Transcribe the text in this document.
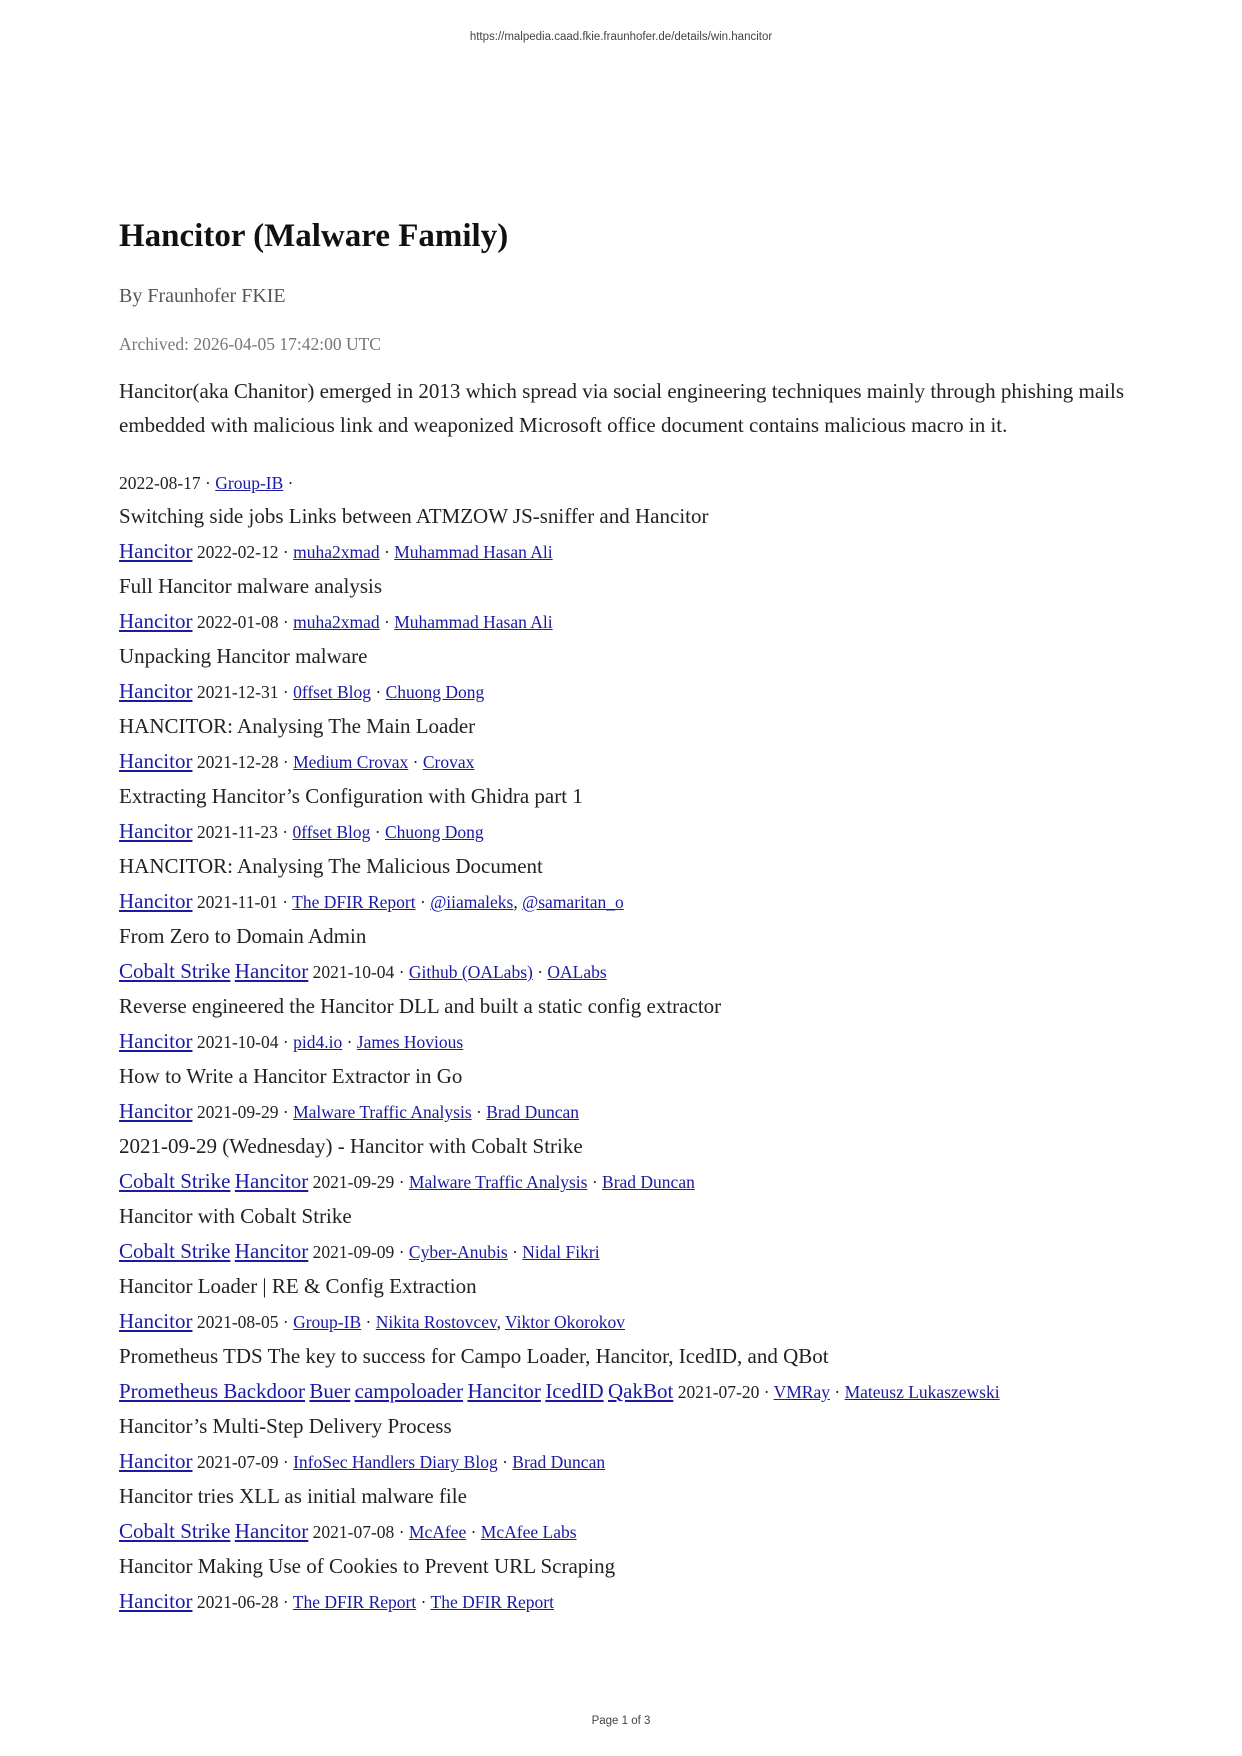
https://malpedia.caad.fkie.fraunhofer.de/details/win.hancitor
Hancitor (Malware Family)
By Fraunhofer FKIE
Archived: 2026-04-05 17:42:00 UTC
Hancitor(aka Chanitor) emerged in 2013 which spread via social engineering techniques mainly through phishing mails embedded with malicious link and weaponized Microsoft office document contains malicious macro in it.
2022-08-17 · Group-IB ·
Switching side jobs Links between ATMZOW JS-sniffer and Hancitor
Hancitor 2022-02-12 · muha2xmad · Muhammad Hasan Ali
Full Hancitor malware analysis
Hancitor 2022-01-08 · muha2xmad · Muhammad Hasan Ali
Unpacking Hancitor malware
Hancitor 2021-12-31 · 0ffset Blog · Chuong Dong
HANCITOR: Analysing The Main Loader
Hancitor 2021-12-28 · Medium Crovax · Crovax
Extracting Hancitor’s Configuration with Ghidra part 1
Hancitor 2021-11-23 · 0ffset Blog · Chuong Dong
HANCITOR: Analysing The Malicious Document
Hancitor 2021-11-01 · The DFIR Report · @iiamaleks, @samaritan_o
From Zero to Domain Admin
Cobalt Strike Hancitor 2021-10-04 · Github (OALabs) · OALabs
Reverse engineered the Hancitor DLL and built a static config extractor
Hancitor 2021-10-04 · pid4.io · James Hovious
How to Write a Hancitor Extractor in Go
Hancitor 2021-09-29 · Malware Traffic Analysis · Brad Duncan
2021-09-29 (Wednesday) - Hancitor with Cobalt Strike
Cobalt Strike Hancitor 2021-09-29 · Malware Traffic Analysis · Brad Duncan
Hancitor with Cobalt Strike
Cobalt Strike Hancitor 2021-09-09 · Cyber-Anubis · Nidal Fikri
Hancitor Loader | RE & Config Extraction
Hancitor 2021-08-05 · Group-IB · Nikita Rostovcev, Viktor Okorokov
Prometheus TDS The key to success for Campo Loader, Hancitor, IcedID, and QBot
Prometheus Backdoor Buer campoloader Hancitor IcedID QakBot 2021-07-20 · VMRay · Mateusz Lukaszewski
Hancitor’s Multi-Step Delivery Process
Hancitor 2021-07-09 · InfoSec Handlers Diary Blog · Brad Duncan
Hancitor tries XLL as initial malware file
Cobalt Strike Hancitor 2021-07-08 · McAfee · McAfee Labs
Hancitor Making Use of Cookies to Prevent URL Scraping
Hancitor 2021-06-28 · The DFIR Report · The DFIR Report
Page 1 of 3
